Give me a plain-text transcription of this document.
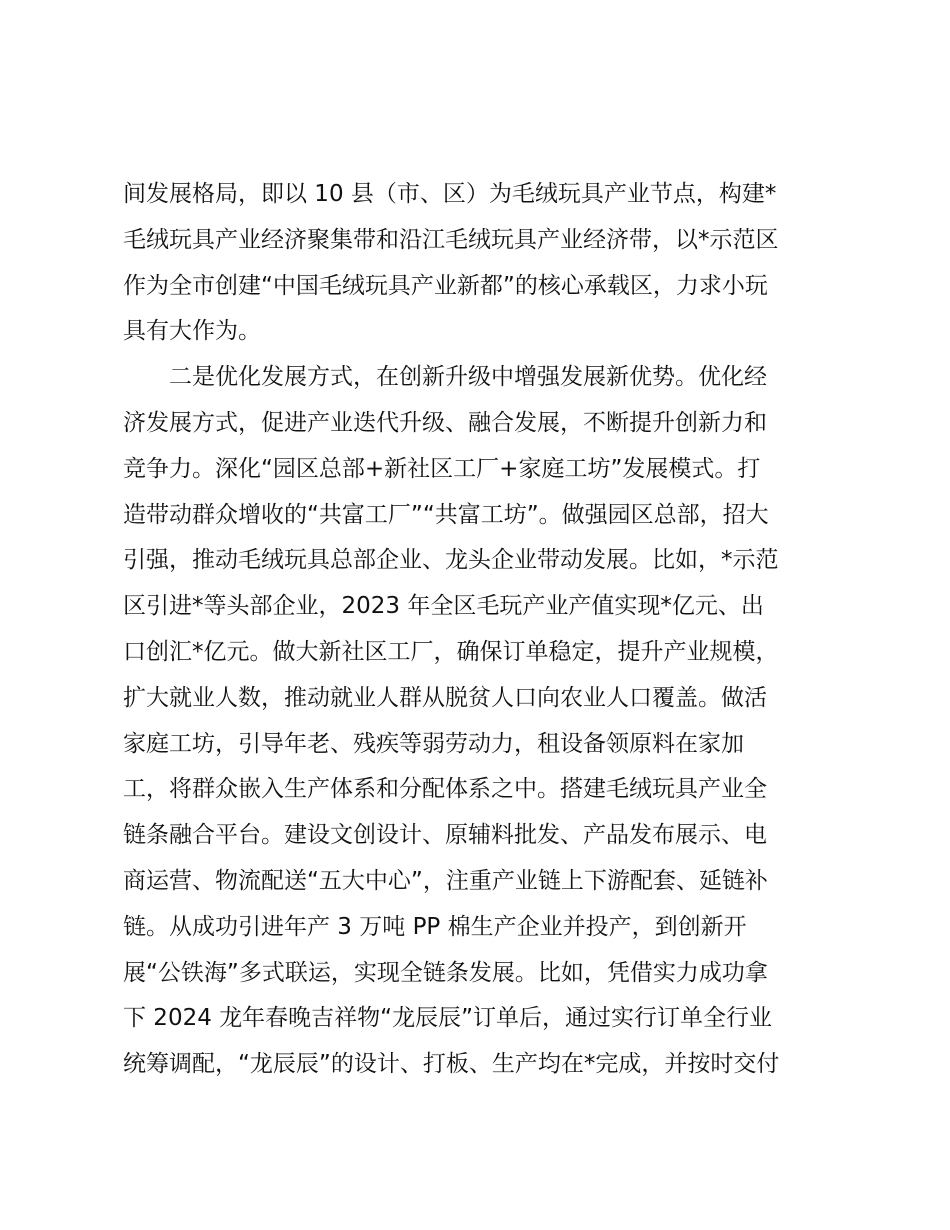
间发展格局，即以 10 县（市、区）为毛绒玩具产业节点，构建*
毛绒玩具产业经济聚集带和沿江毛绒玩具产业经济带，以*示范区
作为全市创建“中国毛绒玩具产业新都”的核心承载区，力求小玩
具有大作为。
二是优化发展方式，在创新升级中增强发展新优势。优化经
济发展方式，促进产业迭代升级、融合发展，不断提升创新力和
竞争力。深化“园区总部+新社区工厂+家庭工坊”发展模式。打
造带动群众增收的“共富工厂”“共富工坊”。做强园区总部，招大
引强，推动毛绒玩具总部企业、龙头企业带动发展。比如，*示范
区引进*等头部企业，2023 年全区毛玩产业产值实现*亿元、出
口创汇*亿元。做大新社区工厂，确保订单稳定，提升产业规模，
扩大就业人数，推动就业人群从脱贫人口向农业人口覆盖。做活
家庭工坊，引导年老、残疾等弱劳动力，租设备领原料在家加
工，将群众嵌入生产体系和分配体系之中。搭建毛绒玩具产业全
链条融合平台。建设文创设计、原辅料批发、产品发布展示、电
商运营、物流配送“五大中心”，注重产业链上下游配套、延链补
链。从成功引进年产 3 万吨 PP 棉生产企业并投产，到创新开
展“公铁海”多式联运，实现全链条发展。比如，凭借实力成功拿
下 2024 龙年春晚吉祥物“龙辰辰”订单后，通过实行订单全行业
统筹调配，“龙辰辰”的设计、打板、生产均在*完成，并按时交付
